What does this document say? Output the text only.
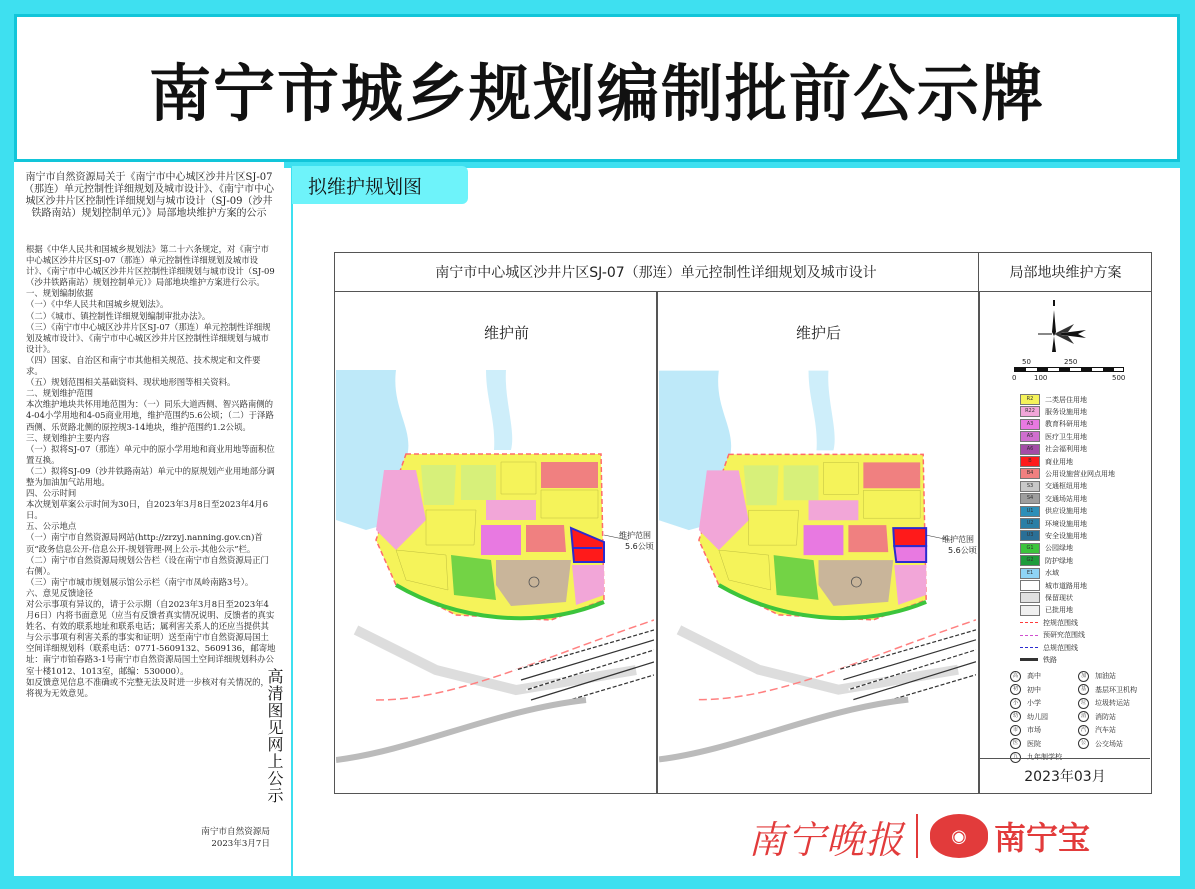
南宁市城乡规划编制批前公示牌
南宁市自然资源局关于《南宁市中心城区沙井片区SJ-07（那连）单元控制性详细规划及城市设计》、《南宁市中心城区沙井片区控制性详细规划与城市设计（SJ-09（沙井铁路南站）规划控制单元）》局部地块维护方案的公示

根据《中华人民共和国城乡规划法》第二十六条规定，对《南宁市中心城区沙井片区SJ-07（那连）单元控制性详细规划及城市设计》、《南宁市中心城区沙井片区控制性详细规划与城市设计（SJ-09（沙井铁路南站）规划控制单元）》局部地块维护方案进行公示。

一、规划编制依据

（一）《中华人民共和国城乡规划法》。

（二）《城市、镇控制性详细规划编制审批办法》。

（三）《南宁市中心城区沙井片区SJ-07（那连）单元控制性详细规划及城市设计》、《南宁市中心城区沙井片区控制性详细规划与城市设计》。

（四）国家、自治区和南宁市其他相关规范、技术规定和文件要求。

（五）规划范围相关基础资料、现状地形图等相关资料。

二、规划维护范围

本次维护地块共怀用地范围为：（一）同乐大道西侧、智兴路南侧的4-04小学用地和4-05商业用地，维护范围约5.6公顷；（二）于泽路西侧、乐贤路北侧的原控规3-14地块，维护范围约1.2公顷。

三、规划维护主要内容

（一）拟将SJ-07（那连）单元中的原小学用地和商业用地等面积位置互换。

（二）拟将SJ-09（沙井铁路南站）单元中的原规划产业用地部分调整为加油加气站用地。

四、公示时间

本次规划草案公示时间为30日，自2023年3月8日至2023年4月6日。

五、公示地点

（一）南宁市自然资源局网站(http://zrzyj.nanning.gov.cn)首页“政务信息公开-信息公开-规划管理-网上公示-其他公示”栏。

（二）南宁市自然资源局规划公告栏（设在南宁市自然资源局正门右侧）。

（三）南宁市城市规划展示馆公示栏（南宁市凤岭南路3号）。

六、意见反馈途径

对公示事项有异议的，请于公示期（自2023年3月8日至2023年4月6日）内将书面意见（应当有反馈者真实情况说明、反馈者的真实姓名、有效的联系地址和联系电话；属利害关系人的还应当提供其与公示事项有利害关系的事实和证明）送至南宁市自然资源局国土空间详细规划科（联系电话：0771-5609132、5609136，邮寄地址：南宁市铂春路3-1号南宁市自然资源局国土空间详细规划科办公室十楼1012、1013室，邮编：530000）。

如反馈意见信息不准确或不完整无法及时进一步核对有关情况的，将视为无效意见。

南宁市自然资源局
2023年3月7日
高清图见网上公示
拟维护规划图
南宁市中心城区沙井片区SJ-07（那连）单元控制性详细规划及城市设计	局部地块维护方案
维护前	维护后
维护范围
5.6公顷
维护范围
5.6公顷
50	250
0	100	500
R2	二类居住用地
R22	服务设施用地
A3	教育科研用地
A5	医疗卫生用地
A6	社会福利用地
B	商业用地
B4	公用设施营业网点用地
S3	交通枢纽用地
S4	交通场站用地
U1	供应设施用地
U2	环境设施用地
U3	安全设施用地
G1	公园绿地
G2	防护绿地
E1	水域
城市道路用地
保留现状
已批用地
控规范围线
预研究范围线
总规范围线
铁路
高	高中	加	加油站
初	初中	基	基层环卫机构
小	小学	垃	垃圾转运站
幼	幼儿园	消	消防站
市	市场	汽	汽车站
医	医院	公	公交场站
九	九年制学校
2023年03月
南宁晚报	◉ 南宁宝
